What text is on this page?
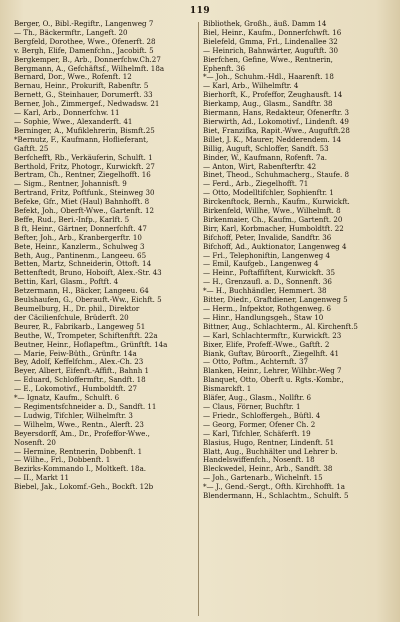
119
Berger, O., Bibl.-Regiftr., Langenweg 7
— Th., Bäckermftr., Langeft. 20
Bergfeld, Dorothee, Wwe., Ofenerft. 28
v. Bergh, Elife, Damenfchn., Jacobift. 5
Bergkemper, B., Arb., Donnerfchw.Ch.27
Bergmann, A., Gefchäftsf., Wilhelmft. 18a
Bernard, Dor., Wwe., Rofenft. 12
Bernau, Heinr., Prokurift, Rabenftr. 5
Bernett, G., Steinhauer, Dorumerft. 33
Berner, Joh., Zimmergef., Nedwadsw. 21
— Karl, Arb., Donnerfchw. 11
— Sophie, Wwe., Alexanderft. 41
Berninger, A., Mufiklehrerin, Bismft.25
*Bernutz, F., Kaufmann, Hoflieferant,
Gaftft. 25
Berfchefft, Rb., Verkäuferin, Schulft. 1
Berthold, Fritz, Photogr., Kurwickft. 27
Bertram, Ch., Rentner, Ziegelhofft. 16
— Sigm., Rentner, Johannisft. 9
Bertrand, Fritz, Poftfunk., Steinweg 30
Befeke, Gfr., Miet (Haul) Bahnhofft. 8
Befekt, Joh., Oberft-Wwe., Gartenft. 12
Beffe, Rud., Beri.-Infp., Karlft. 5
B ft, Heinr., Gärtner, Donnerfchft. 47
Befter, Joh., Arb., Kranbergerftr. 10
Bete, Heinr., Kanzlerm., Schulweg 3
Beth, Aug., Pantinenm., Langeeu. 65
Betten, Martz, Schneiderin, Ottoft. 14
Bettenftedt, Bruno, Hoboift, Alex.-Str. 43
Bettin, Karl, Glasm., Poftft. 4
Betzermann, H., Bäcker, Langeeu. 64
Beulshaufen, G., Oberauft.-Ww., Eichft. 5
Beumelburg, H., Dr. phil., Direktor
der Cäcilienfchule, Brüderft. 20
Beurer, R., Fabrikarb., Langeweg 51
Beuthe, W., Trompeter, Schiftenftft. 22a
Beutner, Heinr., Hoflapeftm., Grünftft. 14a
— Marie, Feiw-Büth., Grünftr. 14a
Bey, Adolf, Keffelfchm., Alex.-Ch. 23
Beyer, Albert, Eifenft.-Affift., Bahnh 1
— Eduard, Schloffermftr., Sandft. 18
— E., Lokomotivf., Humboldtft. 27
*— Ignatz, Kaufm., Schulft. 6
— Regimentsfchneider a. D., Sandft. 11
— Ludwig, Tifchler, Wilhelmftr. 3
— Wilhelm, Wwe., Rentn., Alerft. 23
Beyersdorff, Am., Dr., Profeffor-Wwe.,
Nosenft. 20
— Hermine, Rentnerin, Dobbenft. 1
— Wilhe., Frl., Dobbenft. 1
Bezirks-Kommando I., Moltkeft. 18a.
— II., Markt 11
Biebel, Jak., Lokomf.-Geh., Bockft. 12b
Bibliothek, Großh., äuß. Damm 14
Biel, Heinr., Kaufm., Donnerfchwft. 16
Bielefeld, Gmma, Frl., Lindenallee 32
— Heinrich, Bahnwärter, Auguftft. 30
Bierfchen, Gefine, Wwe., Rentnerin,
Ephenft. 36
*— Joh., Schuhm.-Hdl., Haarenft. 18
— Karl, Arb., Wilhelmftr. 4
Bierhorft, K., Profeffor, Zeughausft. 14
Bierkamp, Aug., Glasm., Sandftr. 38
Biermann, Hans, Redakteur, Ofenerftr. 3
Bierwirth, Ad., Lokomotivf., Lindenft. 49
Biet, Franzifka, Rapit.-Wwe., Auguftft.28
Billet, J. K., Maurer, Nedderendem. 14
Billig, Auguft, Schloffer, Sandft. 53
Binder, W., Kaufmann, Rofenft. 7a.
— Anton, Wirt, Rabenfterftr. 42
Binet, Theod., Schuhmacherg., Staufe. 8
— Ferd., Arb., Ziegelhofft. 71
— Otto, Modelltifchler, Sophienftr. 1
Birckenftock, Bernh., Kaufm., Kurwickft.
Birkenfeld, Willhe, Wwe., Wilhelmft. 8
Birkenmaier, Ch., Kaufm., Gartenft. 20
Birr, Karl, Korbmacher, Humboldtft. 22
Bifchoff, Peter, Invalide, Sandftr. 36
Bifchoff, Ad., Auktionator, Langenweg 4
— Frl., Telephoniftin, Langenweg 4
— Emil, Kaufgeb., Langenweg 4
— Heinr., Poftaffiftent, Kurwickft. 35
— H., Grenzaufl. a. D., Sonnenft. 36
*— H., Buchhändler, Hemmert. 38
Bitter, Diedr., Graftdiener, Langenweg 5
— Herm., Infpektor, Rothgenweg. 6
— Hinr., Handlungsgeh., Staw 10
Bittner, Aug., Schlachterm., Al. Kirchenft.5
— Karl, Schlachtermftr., Kurwickft. 23
Bixer, Elife, Profeff.-Wwe., Gaftft. 2
Biank, Guftav, Büroorft., Ziegelhft. 41
— Otto, Poftm., Achternft. 37
Blanken, Heinr., Lehrer, Wilhbr.-Weg 7
Blanquet, Otto, Oberft u. Rgts.-Kombr.,
Bismarckft. 1
Bläfer, Aug., Glasm., Nollftr. 6
— Claus, Förner, Buchftr. 1
— Friedr., Schloffergeh., Büftl. 4
— Georg, Former, Ofener Ch. 2
— Karl, Tifchler, Schäferft. 19
Blasius, Hugo, Rentner, Lindenft. 51
Blatt, Aug., Buchhälter und Lehrer b.
Handelswiffenfch., Nosenft. 18
Bleckwedel, Heinr., Arb., Sandft. 38
— Joh., Gartenarb., Wichelnft. 15
*— J., Gend.-Sergt., Ofth. Kirchhofft. 1a
Blendermann, H., Schlachtm., Schulft. 5
